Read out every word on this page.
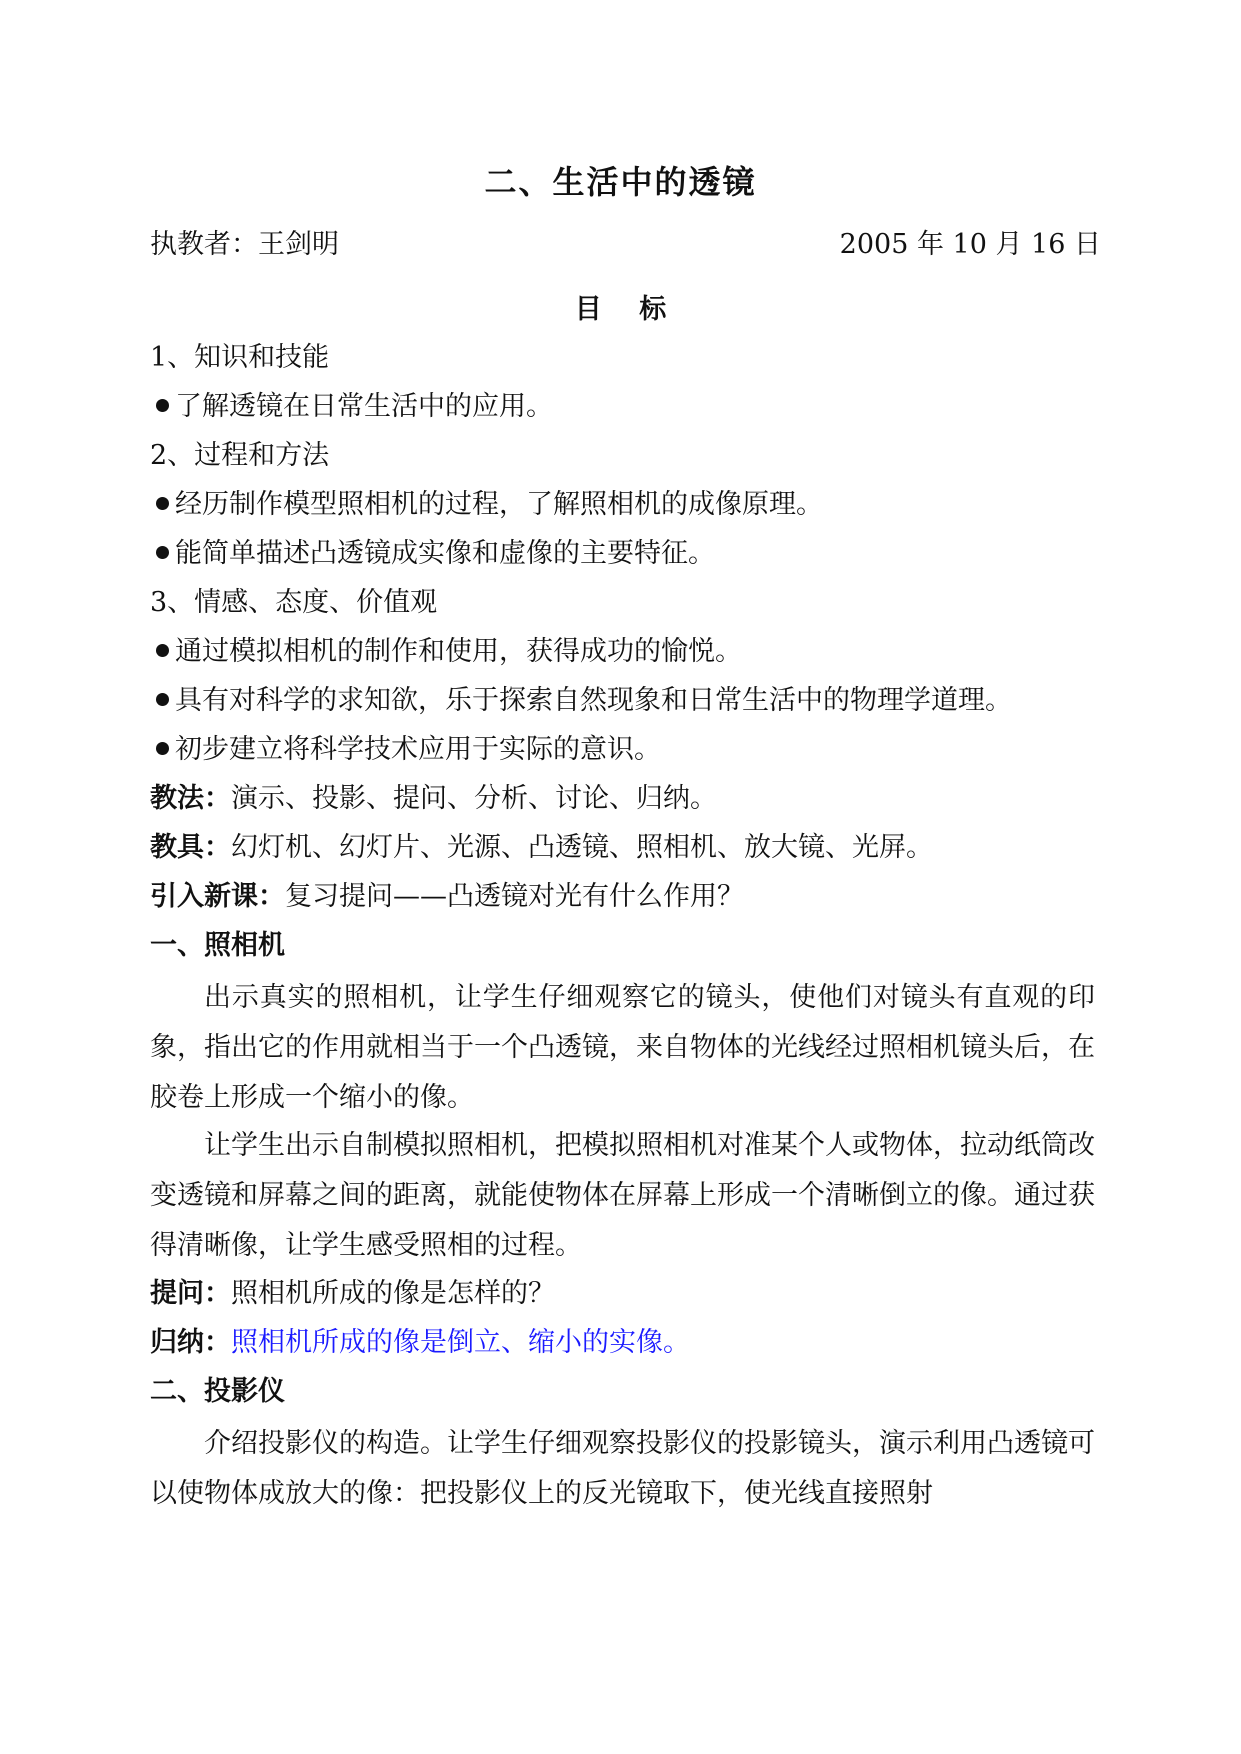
二、生活中的透镜
执教者：王剑明	2005 年 10 月 16 日
目    标
1、知识和技能
了解透镜在日常生活中的应用。
2、过程和方法
经历制作模型照相机的过程，了解照相机的成像原理。
能简单描述凸透镜成实像和虚像的主要特征。
3、情感、态度、价值观
通过模拟相机的制作和使用，获得成功的愉悦。
具有对科学的求知欲，乐于探索自然现象和日常生活中的物理学道理。
初步建立将科学技术应用于实际的意识。
教法：演示、投影、提问、分析、讨论、归纳。
教具：幻灯机、幻灯片、光源、凸透镜、照相机、放大镜、光屏。
引入新课：复习提问——凸透镜对光有什么作用？
一、照相机
出示真实的照相机，让学生仔细观察它的镜头，使他们对镜头有直观的印象，指出它的作用就相当于一个凸透镜，来自物体的光线经过照相机镜头后，在胶卷上形成一个缩小的像。
让学生出示自制模拟照相机，把模拟照相机对准某个人或物体，拉动纸筒改变透镜和屏幕之间的距离，就能使物体在屏幕上形成一个清晰倒立的像。通过获得清晰像，让学生感受照相的过程。
提问：照相机所成的像是怎样的？
归纳：照相机所成的像是倒立、缩小的实像。
二、投影仪
介绍投影仪的构造。让学生仔细观察投影仪的投影镜头，演示利用凸透镜可以使物体成放大的像：把投影仪上的反光镜取下，使光线直接照射
